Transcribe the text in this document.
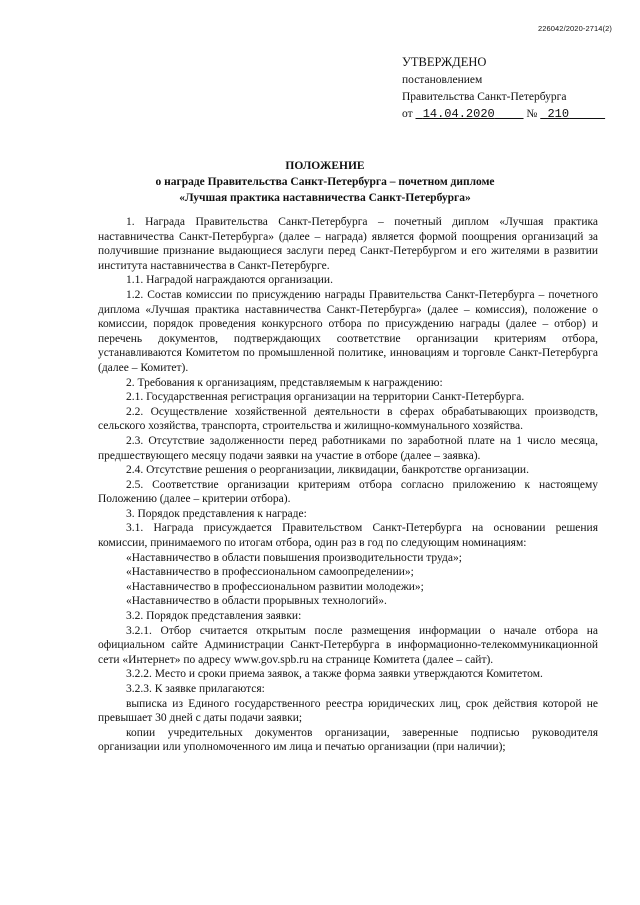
226042/2020-2714(2)
УТВЕРЖДЕНО
постановлением
Правительства Санкт-Петербурга
от 14.04.2020	№ 210
ПОЛОЖЕНИЕ
о награде Правительства Санкт-Петербурга – почетном дипломе
«Лучшая практика наставничества Санкт-Петербурга»

1. Награда Правительства Санкт-Петербурга – почетный диплом «Лучшая практика наставничества Санкт-Петербурга» (далее – награда) является формой поощрения организаций за получившие признание выдающиеся заслуги перед Санкт-Петербургом и его жителями в развитии института наставничества в Санкт-Петербурге.

1.1. Наградой награждаются организации.

1.2. Состав комиссии по присуждению награды Правительства Санкт-Петербурга – почетного диплома «Лучшая практика наставничества Санкт-Петербурга» (далее – комиссия), положение о комиссии, порядок проведения конкурсного отбора по присуждению награды (далее – отбор) и перечень документов, подтверждающих соответствие организации критериям отбора, устанавливаются Комитетом по промышленной политике, инновациям и торговле Санкт-Петербурга (далее – Комитет).

2. Требования к организациям, представляемым к награждению:

2.1. Государственная регистрация организации на территории Санкт-Петербурга.

2.2. Осуществление хозяйственной деятельности в сферах обрабатывающих производств, сельского хозяйства, транспорта, строительства и жилищно-коммунального хозяйства.

2.3. Отсутствие задолженности перед работниками по заработной плате на 1 число месяца, предшествующего месяцу подачи заявки на участие в отборе (далее – заявка).

2.4. Отсутствие решения о реорганизации, ликвидации, банкротстве организации.

2.5. Соответствие организации критериям отбора согласно приложению к настоящему Положению (далее – критерии отбора).

3. Порядок представления к награде:

3.1. Награда присуждается Правительством Санкт-Петербурга на основании решения комиссии, принимаемого по итогам отбора, один раз в год по следующим номинациям:

«Наставничество в области повышения производительности труда»;

«Наставничество в профессиональном самоопределении»;

«Наставничество в профессиональном развитии молодежи»;

«Наставничество в области прорывных технологий».

3.2. Порядок представления заявки:

3.2.1. Отбор считается открытым после размещения информации о начале отбора на официальном сайте Администрации Санкт-Петербурга в информационно-телекоммуникационной сети «Интернет» по адресу www.gov.spb.ru на странице Комитета (далее – сайт).

3.2.2. Место и сроки приема заявок, а также форма заявки утверждаются Комитетом.

3.2.3. К заявке прилагаются:

выписка из Единого государственного реестра юридических лиц, срок действия которой не превышает 30 дней с даты подачи заявки;

копии учредительных документов организации, заверенные подписью руководителя организации или уполномоченного им лица и печатью организации (при наличии);
